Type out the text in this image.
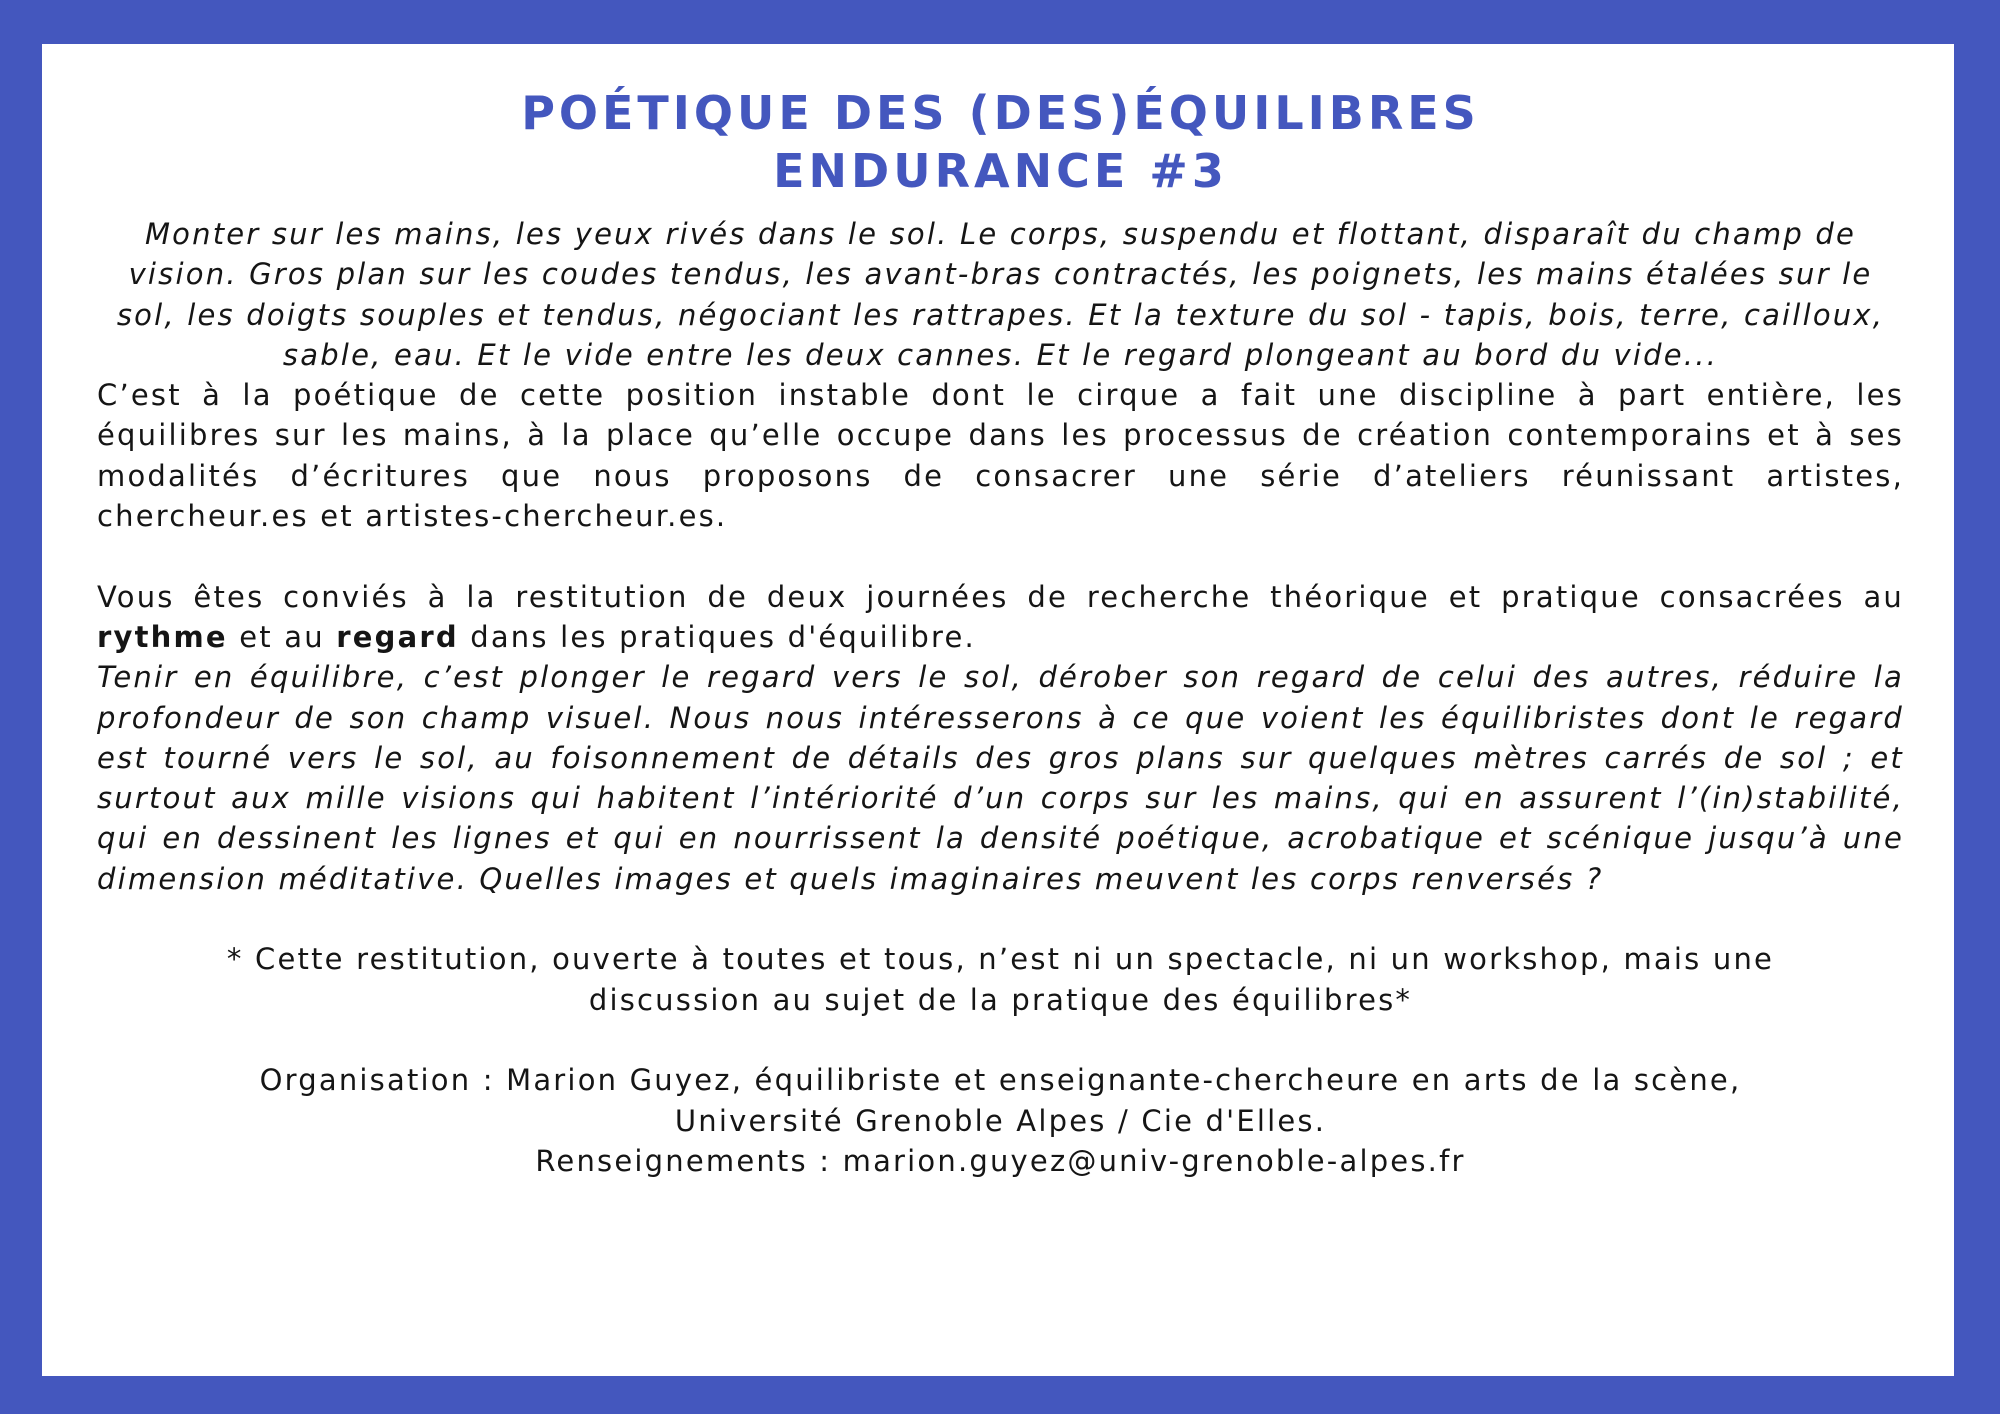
POÉTIQUE DES (DES)ÉQUILIBRES
ENDURANCE #3

Monter sur les mains, les yeux rivés dans le sol. Le corps, suspendu et flottant, disparaît du champ de vision. Gros plan sur les coudes tendus, les avant-bras contractés, les poignets, les mains étalées sur le sol, les doigts souples et tendus, négociant les rattrapes. Et la texture du sol - tapis, bois, terre, cailloux, sable, eau. Et le vide entre les deux cannes. Et le regard plongeant au bord du vide...

C’est à la poétique de cette position instable dont le cirque a fait une discipline à part entière, les équilibres sur les mains, à la place qu’elle occupe dans les processus de création contemporains et à ses modalités d’écritures que nous proposons de consacrer une série d’ateliers réunissant artistes, chercheur.es et artistes-chercheur.es.

Vous êtes conviés à la restitution de deux journées de recherche théorique et pratique consacrées au rythme et au regard dans les pratiques d'équilibre.

Tenir en équilibre, c’est plonger le regard vers le sol, dérober son regard de celui des autres, réduire la profondeur de son champ visuel. Nous nous intéresserons à ce que voient les équilibristes dont le regard est tourné vers le sol, au foisonnement de détails des gros plans sur quelques mètres carrés de sol ; et surtout aux mille visions qui habitent l’intériorité d’un corps sur les mains, qui en assurent l’(in)stabilité, qui en dessinent les lignes et qui en nourrissent la densité poétique, acrobatique et scénique jusqu’à une dimension méditative. Quelles images et quels imaginaires meuvent les corps renversés ?

* Cette restitution, ouverte à toutes et tous, n’est ni un spectacle, ni un workshop, mais une discussion au sujet de la pratique des équilibres*

Organisation : Marion Guyez, équilibriste et enseignante-chercheure en arts de la scène,

Université Grenoble Alpes / Cie d'Elles.

Renseignements : marion.guyez@univ-grenoble-alpes.fr
